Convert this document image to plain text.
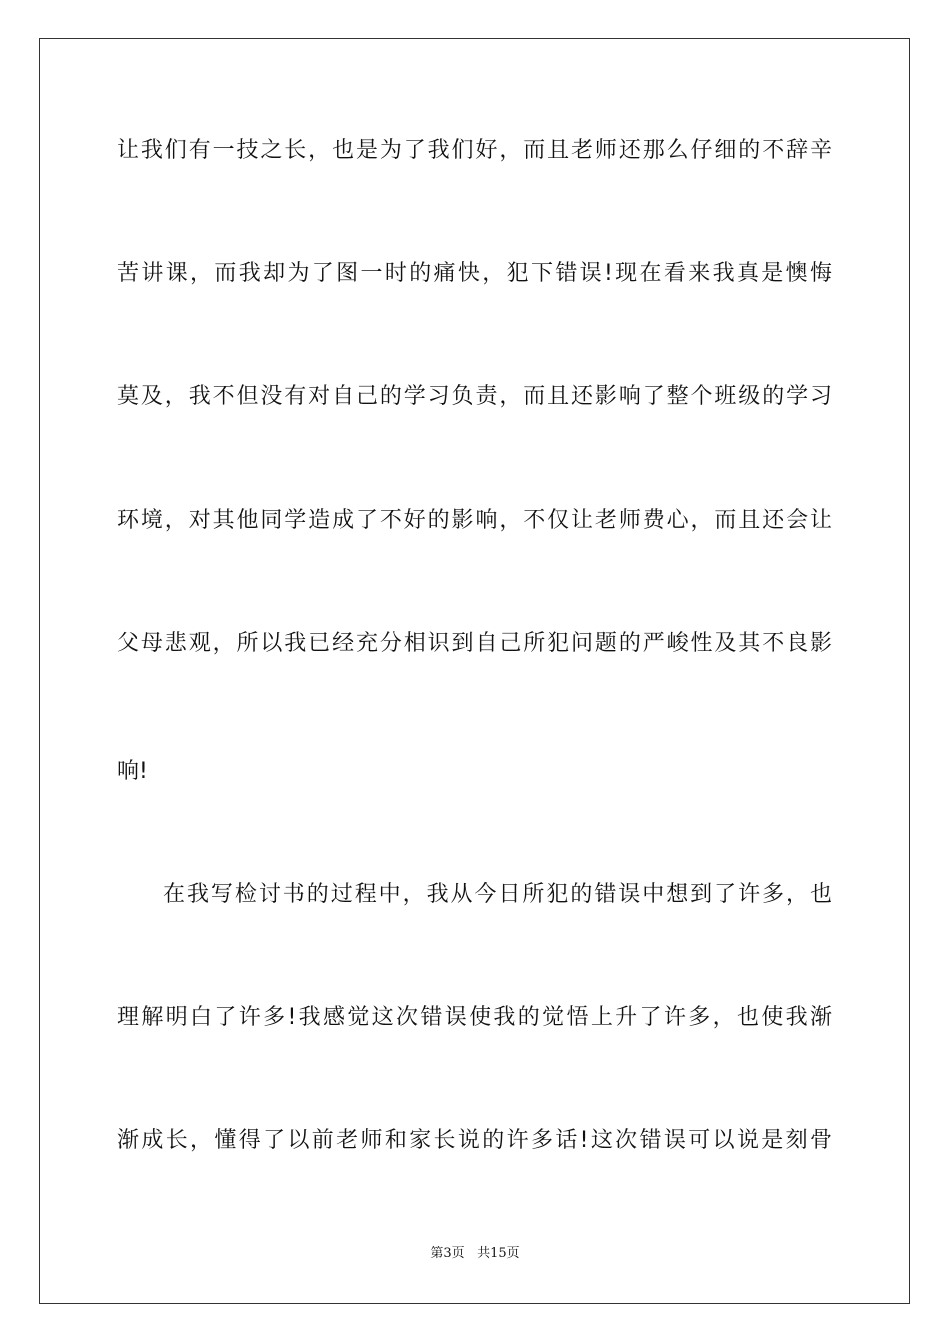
让我们有一技之长，也是为了我们好，而且老师还那么仔细的不辞辛
苦讲课，而我却为了图一时的痛快，犯下错误!现在看来我真是懊悔
莫及，我不但没有对自己的学习负责，而且还影响了整个班级的学习
环境，对其他同学造成了不好的影响，不仅让老师费心，而且还会让
父母悲观，所以我已经充分相识到自己所犯问题的严峻性及其不良影
响!
在我写检讨书的过程中，我从今日所犯的错误中想到了许多，也
理解明白了许多!我感觉这次错误使我的觉悟上升了许多，也使我渐
渐成长，懂得了以前老师和家长说的许多话!这次错误可以说是刻骨
第3页 共15页
